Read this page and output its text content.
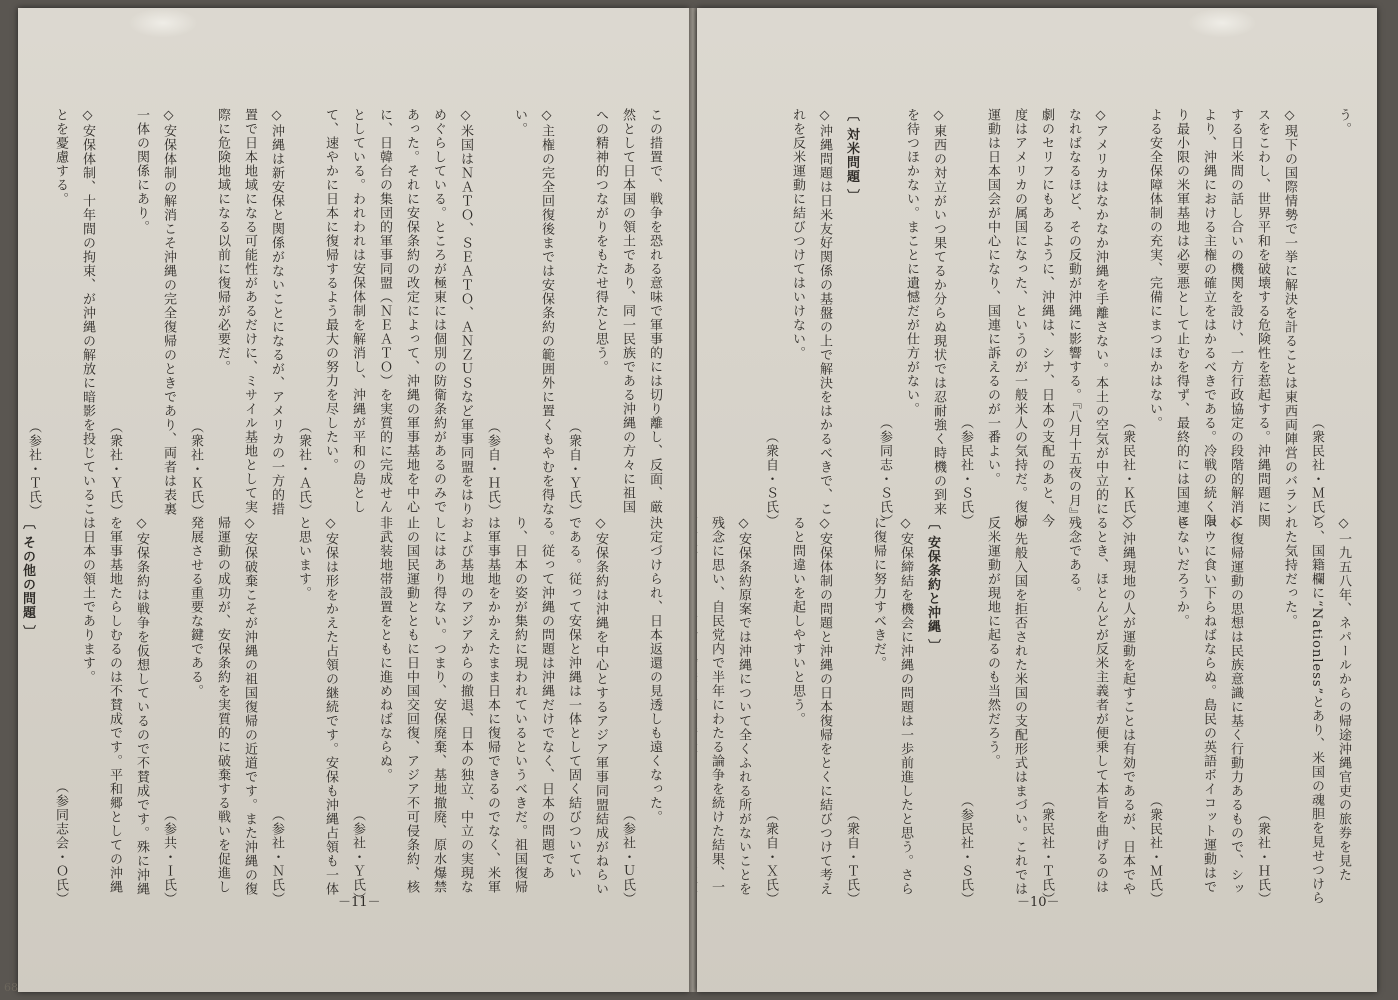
この措置で、戦争を恐れる意味で軍事的には切り離し、反面、厳然として日本国の領土であり、同一民族である沖縄の方々に祖国への精神的つながりをもたせ得たと思う。
（衆自・Ｙ氏）
◇主権の完全回復後までは安保条約の範囲外に置くもやむを得ない。
（参自・Ｈ氏）
◇米国はＮＡＴＯ、ＳＥＡＴＯ、ＡＮＺＵＳなど軍事同盟をはりめぐらしている。ところが極東には個別の防衛条約があるのみであった。それに安保条約の改定によって、沖縄の軍事基地を中心に、日韓台の集団的軍事同盟（ＮＥＡＴＯ）を実質的に完成せんとしている。われわれは安保体制を解消し、沖縄が平和の島として、速やかに日本に復帰するよう最大の努力を尽したい。
（衆社・Ａ氏）
◇沖縄は新安保と関係がないことになるが、アメリカの一方的措置で日本地域になる可能性があるだけに、ミサイル基地として実際に危険地域になる以前に復帰が必要だ。
（衆社・Ｋ氏）
◇安保体制の解消こそ沖縄の完全復帰のときであり、両者は表裏一体の関係にあり。
（衆社・Ｙ氏）
◇安保体制、十年間の拘束、が沖縄の解放に暗影を投じていることを憂慮する。
（参社・Ｔ氏）
決定づけられ、日本返還の見透しも遠くなった。
（参社・Ｕ氏）
◇安保条約は沖縄を中心とするアジア軍事同盟結成がねらいである。従って安保と沖縄は一体として固く結びついている。従って沖縄の問題は沖縄だけでなく、日本の問題であり、日本の姿が集約に現われているというべきだ。祖国復帰は軍事基地をかかえたまま日本に復帰できるのでなく、米軍および基地のアジアからの撤退、日本の独立、中立の実現なしにはあり得ない。つまり、安保廃棄、基地撤廃、原水爆禁止の国民運動とともに日中国交回復、アジア不可侵条約、核非武装地帯設置をともに進めねばならぬ。
（参社・Ｙ氏）
◇安保は形をかえた占領の継続です。安保も沖縄占領も一体と思います。
（参社・Ｎ氏）
◇安保破棄こそが沖縄の祖国復帰の近道です。また沖縄の復帰運動の成功が、安保条約を実質的に破棄する戦いを促進し発展させる重要な鍵である。
（参共・Ｉ氏）
◇安保条約は戦争を仮想しているので不賛成です。殊に沖縄を軍事基地たらしむるのは不賛成です。平和郷としての沖縄は日本の領土であります。
（参同志会・Ｏ氏）
〔 その他の問題 〕
－11－
う。
（衆民社・Ｍ氏）
◇現下の国際情勢で一挙に解決を計ることは東西両陣営のバランスをこわし、世界平和を破壊する危険性を惹起する。沖縄問題に関する日米間の話し合いの機関を設け、一方行政協定の段階的解消により、沖縄における主権の確立をはかるべきである。冷戦の続く限り最小限の米軍基地は必要悪として止むを得ず、最終的には国連による安全保障体制の充実、完備にまつほかはない。
（衆民社・Ｋ氏）
◇アメリカはなかなか沖縄を手離さない。本土の空気が中立的になればなるほど、その反動が沖縄に影響する。『八月十五夜の月』劇のセリフにもあるように、沖縄は、シナ、日本の支配のあと、今度はアメリカの属国になった、というのが一般米人の気持だ。復帰運動は日本国会が中心になり、国連に訴えるのが一番よい。
（参民社・Ｓ氏）
◇東西の対立がいつ果てるか分らぬ現状では忍耐強く時機の到来を待つほかない。まことに遺憾だが仕方がない。
（参同志・Ｓ氏）
〔 対米問題 〕
◇沖縄問題は日米友好関係の基盤の上で解決をはかるべきで、これを反米運動に結びつけてはいけない。
（衆自・Ｓ氏）
◇一九五八年、ネパールからの帰途沖縄官吏の旅券を見たら、国籍欄に“Nationless”とあり、米国の魂胆を見せつけられた気持だった。
（衆社・Ｈ氏）
◇復帰運動の思想は民族意識に基く行動力あるもので、シッョウに食い下らねばならぬ。島民の英語ボイコット運動はできないだろうか。
（衆民社・Ｍ氏）
◇沖縄現地の人が運動を起すことは有効であるが、日本でやるとき、ほとんどが反米主義者が便乗して本旨を曲げるのは残念である。
（衆民社・Ｔ氏）
◇先般入国を拒否された米国の支配形式はまづい。これでは反米運動が現地に起るのも当然だろう。
（参民社・Ｓ氏）
〔 安保条約と沖縄 〕
◇安保締結を機会に沖縄の問題は一歩前進したと思う。さらに復帰に努力すべきだ。
（衆自・Ｔ氏）
◇安保体制の問題と沖縄の日本復帰をとくに結びつけて考えると問違いを起しやすいと思う。
（衆自・Ｘ氏）
◇安保条約原案では沖縄について全くふれる所がないことを残念に思い、自民党内で半年にわたる論争を続けた結果、一
－10－
68
